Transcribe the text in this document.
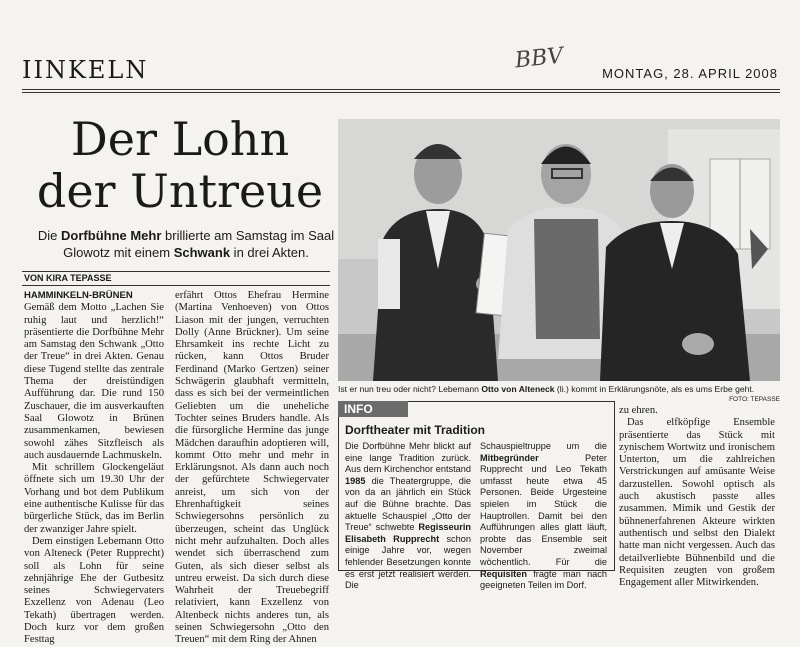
IINKELN	BBV
MONTAG, 28. APRIL 2008
Der Lohn
der Untreue
Die Dorfbühne Mehr brillierte am Samstag im Saal Glowotz mit einem Schwank in drei Akten.
VON KIRA TEPASSE

HAMMINKELN-BRÜNEN Gemäß dem Motto „Lachen Sie ruhig laut und herzlich!“ präsentierte die Dorfbühne Mehr am Samstag den Schwank „Otto der Treue“ in drei Akten. Genau diese Tugend stellte das zentrale Thema der dreistündigen Aufführung dar. Die rund 150 Zuschauer, die im ausverkauften Saal Glowotz in Brünen zusammenkamen, bewiesen sowohl zähes Sitzfleisch als auch ausdauernde Lachmuskeln.

Mit schrillem Glockengeläut öffnete sich um 19.30 Uhr der Vorhang und bot dem Publikum eine authentische Kulisse für das bürgerliche Stück, das im Berlin der zwanziger Jahre spielt.

Dem einstigen Lebemann Otto von Alteneck (Peter Rupprecht) soll als Lohn für seine zehnjährige Ehe der Gutbesitz seines Schwiegervaters Exzellenz von Adenau (Leo Tekath) übertragen werden. Doch kurz vor dem großen Festtag

erfährt Ottos Ehefrau Hermine (Martina Venhoeven) von Ottos Liason mit der jungen, verruchten Dolly (Anne Brückner). Um seine Ehrsamkeit ins rechte Licht zu rücken, kann Ottos Bruder Ferdinand (Marko Gertzen) seiner Schwägerin glaubhaft vermitteln, dass es sich bei der vermeintlichen Geliebten um die uneheliche Tochter seines Bruders handle. Als die fürsorgliche Hermine das junge Mädchen daraufhin adoptieren will, kommt Otto mehr und mehr in Erklärungsnot. Als dann auch noch der gefürchtete Schwiegervater anreist, um sich von der Ehrenhaftigkeit seines Schwiegersohns persönlich zu überzeugen, scheint das Unglück nicht mehr aufzuhalten. Doch alles wendet sich überraschend zum Guten, als sich dieser selbst als untreu erweist. Da sich durch diese Wahrheit der Treuebegriff relativiert, kann Exzellenz von Altenbeck nichts anderes tun, als seinen Schwiegersohn „Otto den Treuen“ mit dem Ring der Ahnen

Ist er nun treu oder nicht? Lebemann Otto von Alteneck (li.) kommt in Erklärungsnöte, als es ums Erbe geht.
FOTO: TEPASSE
INFO
Dorftheater mit Tradition
Die Dorfbühne Mehr blickt auf eine lange Tradition zurück. Aus dem Kirchenchor entstand 1985 die Theatergruppe, die von da an jährlich ein Stück auf die Bühne brachte. Das aktuelle Schauspiel „Otto der Treue“ schwebte Regisseurin Elisabeth Rupprecht schon einige Jahre vor, wegen fehlender Besetzungen konnte es erst jetzt realisiert werden. Die
Schauspieltruppe um die Mitbegründer Peter Rupprecht und Leo Tekath umfasst heute etwa 45 Personen. Beide Urgesteine spielen im Stück die Hauptrollen. Damit bei den Aufführungen alles glatt läuft, probte das Ensemble seit November zweimal wöchentlich. Für die Requisiten fragte man nach geeigneten Teilen im Dorf.

zu ehren.

Das elfköpfige Ensemble präsentierte das Stück mit zynischem Wortwitz und ironischem Unterton, um die zahlreichen Verstrickungen auf amüsante Weise darzustellen. Sowohl optisch als auch akustisch passte alles zusammen. Mimik und Gestik der bühnenerfahrenen Akteure wirkten authentisch und selbst den Dialekt hatte man nicht vergessen. Auch das detailverliebte Bühnenbild und die Requisiten zeugten von großem Engagement aller Mitwirkenden.
